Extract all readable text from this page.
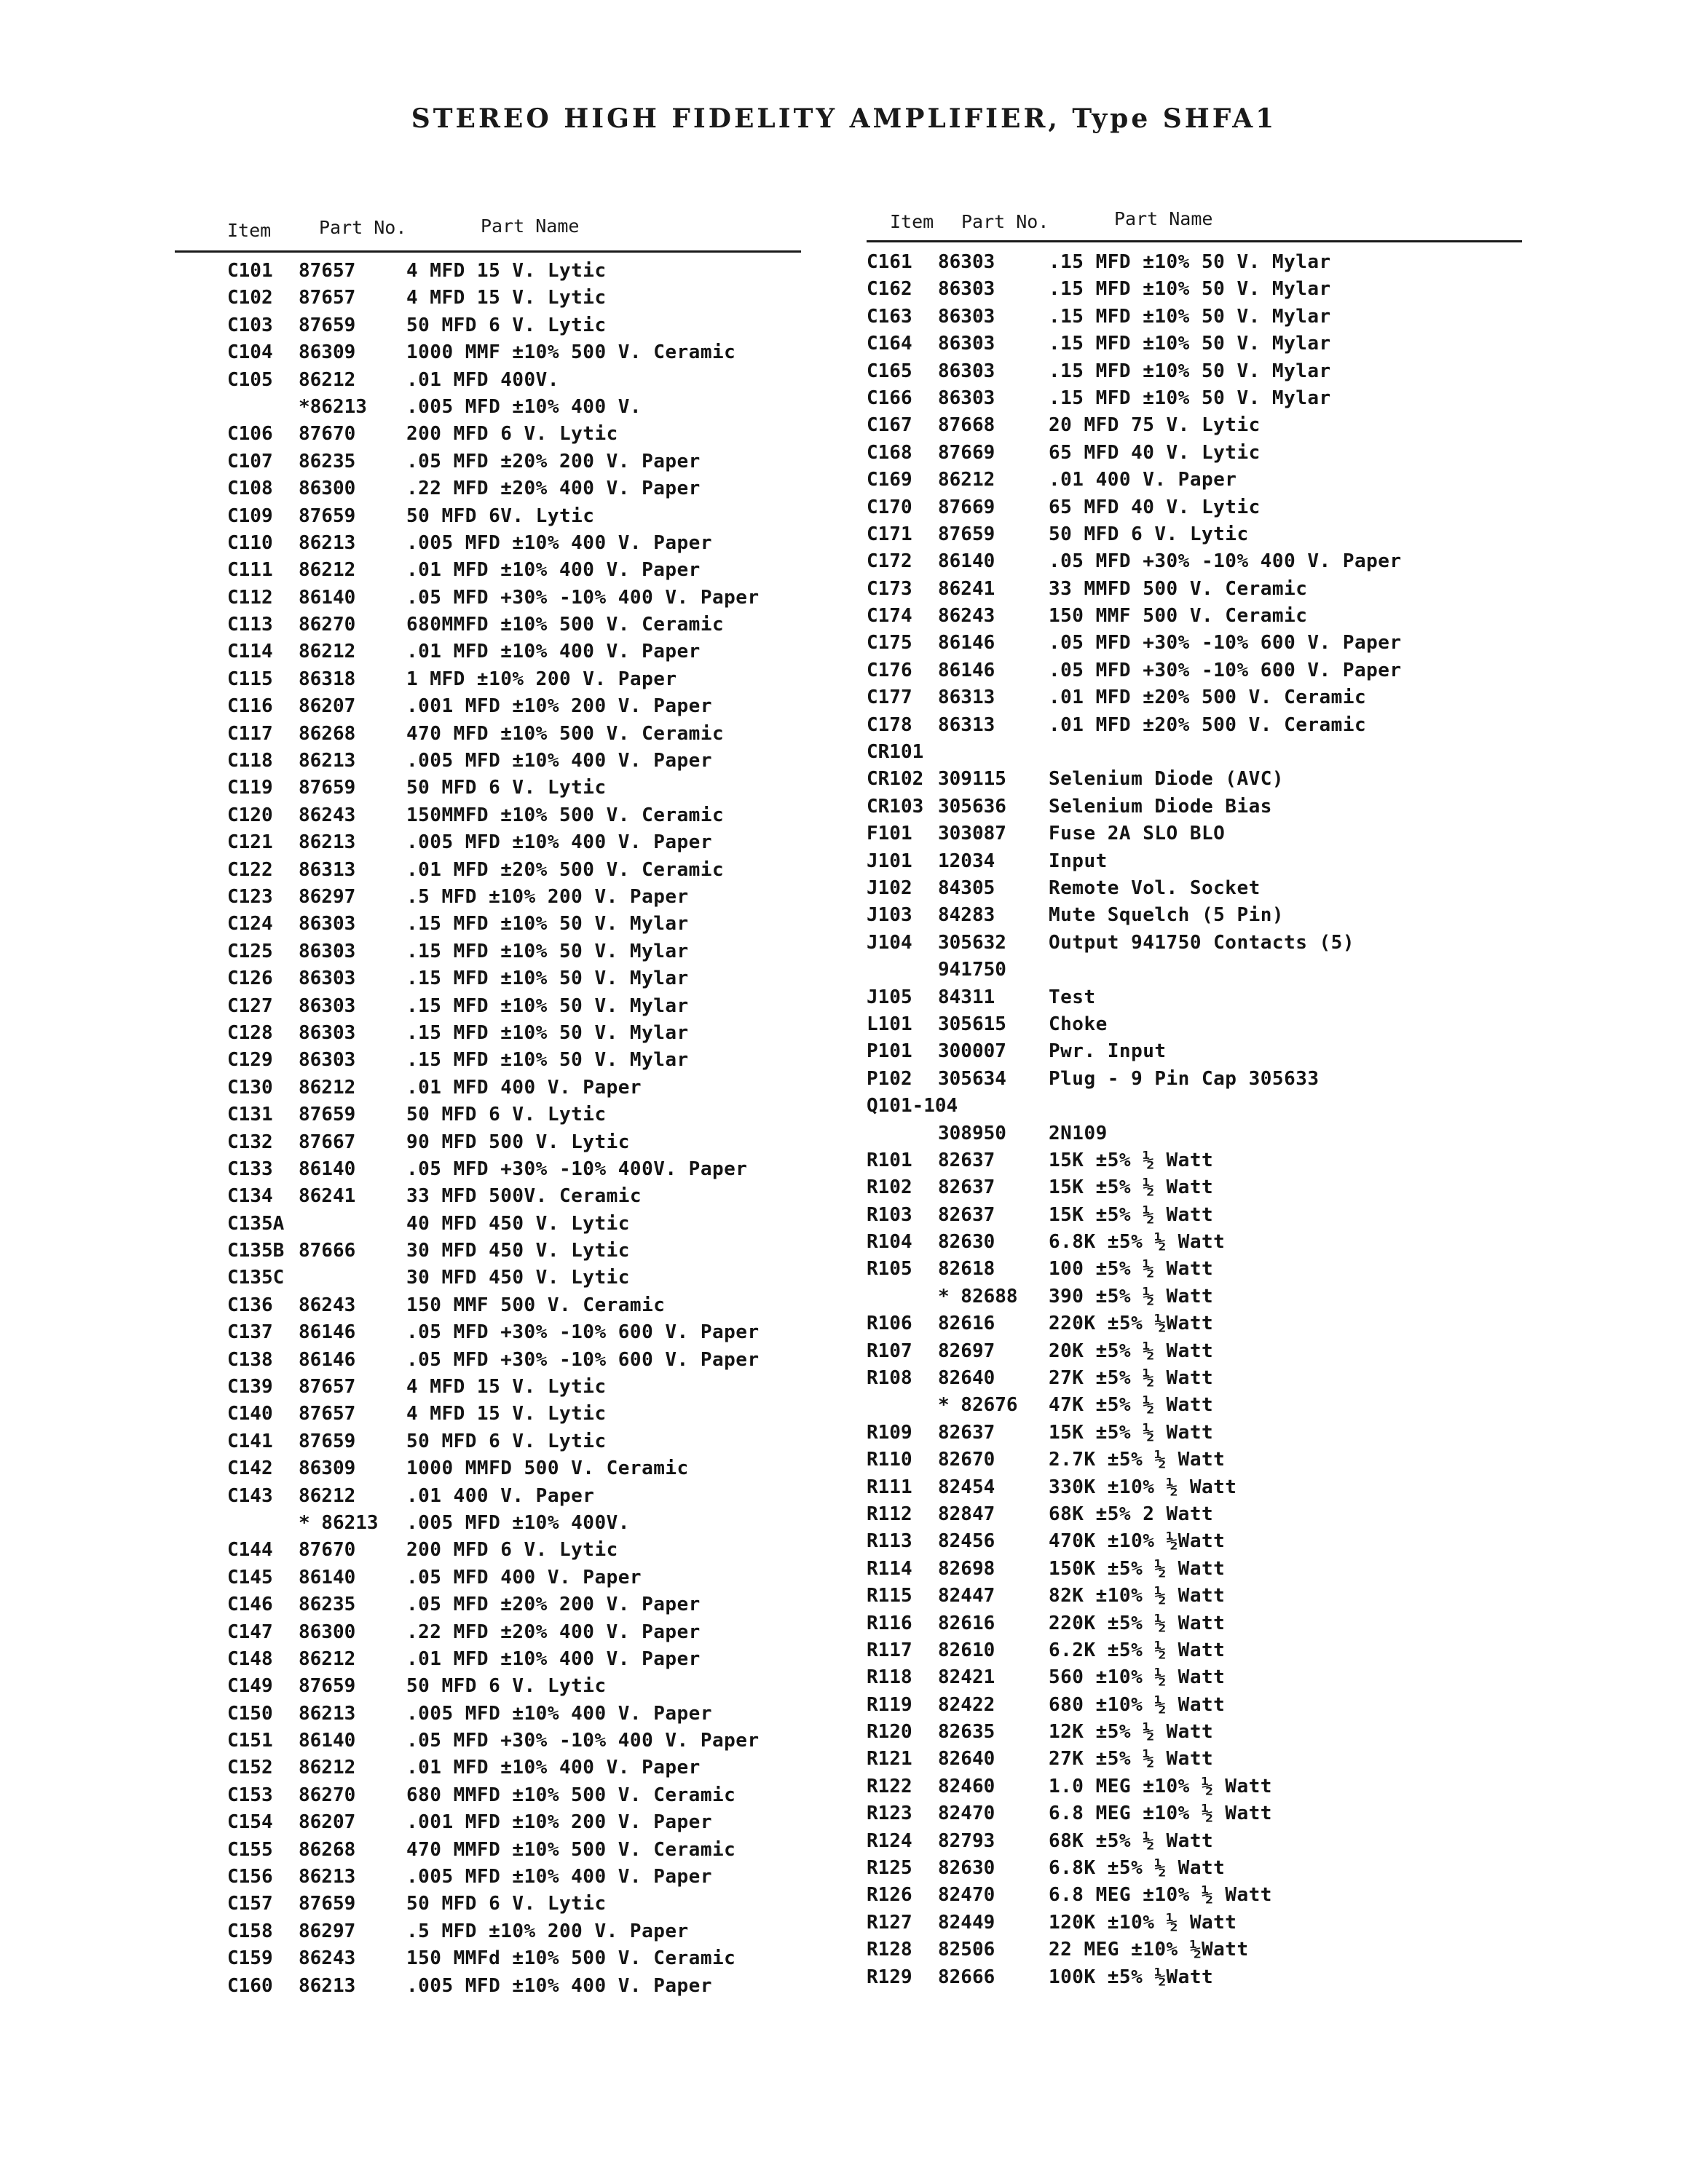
STEREO HIGH FIDELITY AMPLIFIER, Type SHFA1
Item	Part No.	Part Name
C101 87657	4 MFD 15 V. Lytic
C102 87657	4 MFD 15 V. Lytic
C103 87659	50 MFD 6 V. Lytic
C104 86309	1000 MMF ±10% 500 V. Ceramic
C105 86212	.01 MFD 400V.
*86213 .005 MFD ±10% 400 V.
C106 87670	200 MFD 6 V. Lytic
C107 86235	.05 MFD ±20% 200 V. Paper
C108 86300	.22 MFD ±20% 400 V. Paper
C109 87659	50 MFD 6V. Lytic
C110 86213	.005 MFD ±10% 400 V. Paper
C111 86212	.01 MFD ±10% 400 V. Paper
C112 86140	.05 MFD +30% -10% 400 V. Paper
C113 86270	680MMFD ±10% 500 V. Ceramic
C114 86212	.01 MFD ±10% 400 V. Paper
C115 86318	1 MFD ±10% 200 V. Paper
C116 86207	.001 MFD ±10% 200 V. Paper
C117 86268	470 MFD ±10% 500 V. Ceramic
C118 86213	.005 MFD ±10% 400 V. Paper
C119 87659	50 MFD 6 V. Lytic
C120 86243	150MMFD ±10% 500 V. Ceramic
C121 86213	.005 MFD ±10% 400 V. Paper
C122 86313	.01 MFD ±20% 500 V. Ceramic
C123 86297	.5 MFD ±10% 200 V. Paper
C124 86303	.15 MFD ±10% 50 V. Mylar
C125 86303	.15 MFD ±10% 50 V. Mylar
C126 86303	.15 MFD ±10% 50 V. Mylar
C127 86303	.15 MFD ±10% 50 V. Mylar
C128 86303	.15 MFD ±10% 50 V. Mylar
C129 86303	.15 MFD ±10% 50 V. Mylar
C130 86212	.01 MFD 400 V. Paper
C131 87659	50 MFD 6 V. Lytic
C132 87667	90 MFD 500 V. Lytic
C133 86140	.05 MFD +30% -10% 400V. Paper
C134 86241	33 MFD 500V. Ceramic
C135A	40 MFD 450 V. Lytic
C135B 87666	30 MFD 450 V. Lytic
C135C	30 MFD 450 V. Lytic
C136 86243	150 MMF 500 V. Ceramic
C137 86146	.05 MFD +30% -10% 600 V. Paper
C138 86146	.05 MFD +30% -10% 600 V. Paper
C139 87657	4 MFD 15 V. Lytic
C140 87657	4 MFD 15 V. Lytic
C141 87659	50 MFD 6 V. Lytic
C142 86309	1000 MMFD 500 V. Ceramic
C143 86212	.01 400 V. Paper
* 86213 .005 MFD ±10% 400V.
C144 87670	200 MFD 6 V. Lytic
C145 86140	.05 MFD 400 V. Paper
C146 86235	.05 MFD ±20% 200 V. Paper
C147 86300	.22 MFD ±20% 400 V. Paper
C148 86212	.01 MFD ±10% 400 V. Paper
C149 87659	50 MFD 6 V. Lytic
C150 86213	.005 MFD ±10% 400 V. Paper
C151 86140	.05 MFD +30% -10% 400 V. Paper
C152 86212	.01 MFD ±10% 400 V. Paper
C153 86270	680 MMFD ±10% 500 V. Ceramic
C154 86207	.001 MFD ±10% 200 V. Paper
C155 86268	470 MMFD ±10% 500 V. Ceramic
C156 86213	.005 MFD ±10% 400 V. Paper
C157 87659	50 MFD 6 V. Lytic
C158 86297	.5 MFD ±10% 200 V. Paper
C159 86243	150 MMFd ±10% 500 V. Ceramic
C160 86213	.005 MFD ±10% 400 V. Paper
Item Part No.	Part Name
C161 86303	.15 MFD ±10% 50 V. Mylar
C162 86303	.15 MFD ±10% 50 V. Mylar
C163 86303	.15 MFD ±10% 50 V. Mylar
C164 86303	.15 MFD ±10% 50 V. Mylar
C165 86303	.15 MFD ±10% 50 V. Mylar
C166 86303	.15 MFD ±10% 50 V. Mylar
C167 87668	20 MFD 75 V. Lytic
C168 87669	65 MFD 40 V. Lytic
C169 86212	.01 400 V. Paper
C170 87669	65 MFD 40 V. Lytic
C171 87659	50 MFD 6 V. Lytic
C172 86140	.05 MFD +30% -10% 400 V. Paper
C173 86241	33 MMFD 500 V. Ceramic
C174 86243	150 MMF 500 V. Ceramic
C175 86146	.05 MFD +30% -10% 600 V. Paper
C176 86146	.05 MFD +30% -10% 600 V. Paper
C177 86313	.01 MFD ±20% 500 V. Ceramic
C178 86313	.01 MFD ±20% 500 V. Ceramic
CR101
CR102 309115 Selenium Diode (AVC)
CR103 305636 Selenium Diode Bias
F101 303087 Fuse 2A SLO BLO
J101 12034	Input
J102 84305	Remote Vol. Socket
J103 84283	Mute Squelch (5 Pin)
J104 305632 Output 941750 Contacts (5)
941750
J105 84311	Test
L101 305615 Choke
P101 300007 Pwr. Input
P102 305634 Plug - 9 Pin Cap 305633
Q101-104
308950 2N109
R101 82637	15K ±5% ½ Watt
R102 82637	15K ±5% ½ Watt
R103 82637	15K ±5% ½ Watt
R104 82630	6.8K ±5% ½ Watt
R105 82618	100 ±5% ½ Watt
* 82688 390 ±5% ½ Watt
R106 82616	220K ±5% ½Watt
R107 82697	20K ±5% ½ Watt
R108 82640	27K ±5% ½ Watt
* 82676 47K ±5% ½ Watt
R109 82637	15K ±5% ½ Watt
R110 82670	2.7K ±5% ½ Watt
R111 82454	330K ±10% ½ Watt
R112 82847	68K ±5% 2 Watt
R113 82456	470K ±10% ½Watt
R114 82698	150K ±5% ½ Watt
R115 82447	82K ±10% ½ Watt
R116 82616	220K ±5% ½ Watt
R117 82610	6.2K ±5% ½ Watt
R118 82421	560 ±10% ½ Watt
R119 82422	680 ±10% ½ Watt
R120 82635	12K ±5% ½ Watt
R121 82640	27K ±5% ½ Watt
R122 82460	1.0 MEG ±10% ½ Watt
R123 82470	6.8 MEG ±10% ½ Watt
R124 82793	68K ±5% ½ Watt
R125 82630	6.8K ±5% ½ Watt
R126 82470	6.8 MEG ±10% ½ Watt
R127 82449	120K ±10% ½ Watt
R128 82506	22 MEG ±10% ½Watt
R129 82666	100K ±5% ½Watt
